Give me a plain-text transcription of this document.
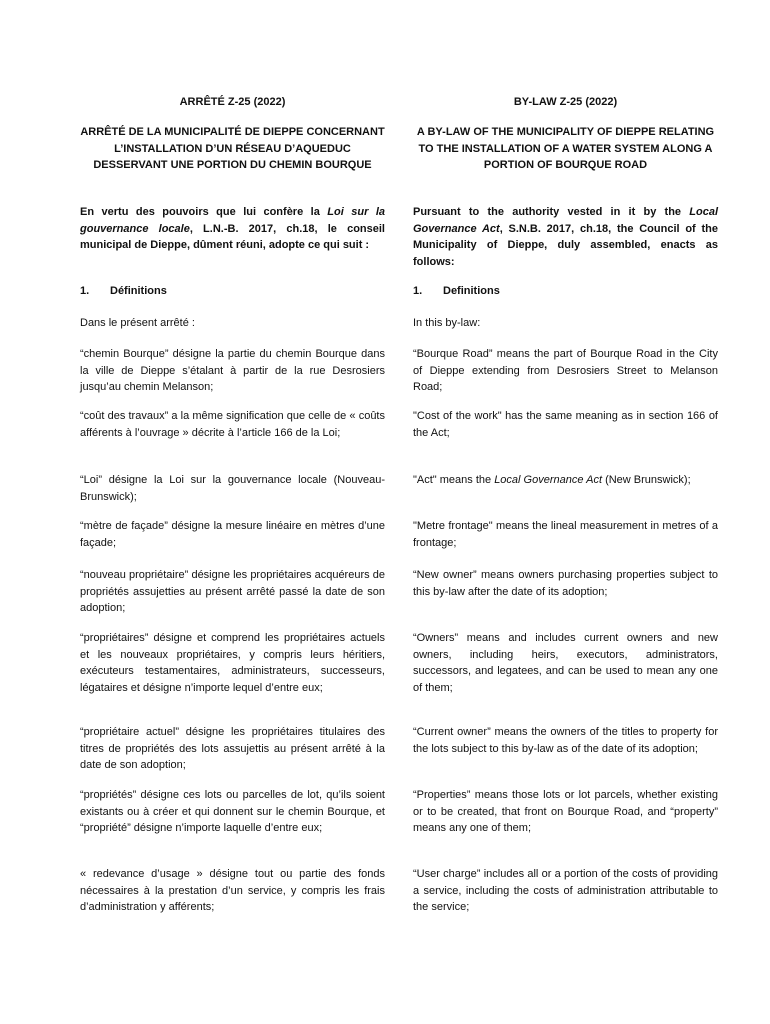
ARRÊTÉ Z-25 (2022)	BY-LAW Z-25 (2022)
ARRÊTÉ DE LA MUNICIPALITÉ DE DIEPPE CONCERNANT L’INSTALLATION D’UN RÉSEAU D’AQUEDUC DESSERVANT UNE PORTION DU CHEMIN BOURQUE
A BY-LAW OF THE MUNICIPALITY OF DIEPPE RELATING TO THE INSTALLATION OF A WATER SYSTEM ALONG A PORTION OF BOURQUE ROAD
En vertu des pouvoirs que lui confère la Loi sur la gouvernance locale, L.N.-B. 2017, ch.18, le conseil municipal de Dieppe, dûment réuni, adopte ce qui suit :
Pursuant to the authority vested in it by the Local Governance Act, S.N.B. 2017, ch.18, the Council of the Municipality of Dieppe, duly assembled, enacts as follows:
1. Définitions	1. Definitions
Dans le présent arrêté :	In this by-law:
“chemin Bourque” désigne la partie du chemin Bourque dans la ville de Dieppe s’étalant à partir de la rue Desrosiers jusqu’au chemin Melanson;
“coût des travaux” a la même signification que celle de « coûts afférents à l’ouvrage » décrite à l’article 166 de la Loi;
“Loi” désigne la Loi sur la gouvernance locale (Nouveau-Brunswick);
“mètre de façade” désigne la mesure linéaire en mètres d’une façade;
“nouveau propriétaire” désigne les propriétaires acquéreurs de propriétés assujetties au présent arrêté passé la date de son adoption;
“propriétaires” désigne et comprend les propriétaires actuels et les nouveaux propriétaires, y compris leurs héritiers, exécuteurs testamentaires, administrateurs, successeurs, légataires et désigne n’importe lequel d’entre eux;
“propriétaire actuel” désigne les propriétaires titulaires des titres de propriétés des lots assujettis au présent arrêté à la date de son adoption;
“propriétés” désigne ces lots ou parcelles de lot, qu’ils soient existants ou à créer et qui donnent sur le chemin Bourque, et “propriété” désigne n’importe laquelle d’entre eux;
« redevance d’usage » désigne tout ou partie des fonds nécessaires à la prestation d’un service, y compris les frais d’administration y afférents;
“Bourque Road” means the part of Bourque Road in the City of Dieppe extending from Desrosiers Street to Melanson Road;
"Cost of the work" has the same meaning as in section 166 of the Act;
"Act" means the Local Governance Act (New Brunswick);
"Metre frontage" means the lineal measurement in metres of a frontage;
“New owner” means owners purchasing properties subject to this by-law after the date of its adoption;
“Owners” means and includes current owners and new owners, including heirs, executors, administrators, successors, and legatees, and can be used to mean any one of them;
“Current owner” means the owners of the titles to property for the lots subject to this by-law as of the date of its adoption;
“Properties” means those lots or lot parcels, whether existing or to be created, that front on Bourque Road, and “property” means any one of them;
“User charge” includes all or a portion of the costs of providing a service, including the costs of administration attributable to the service;
